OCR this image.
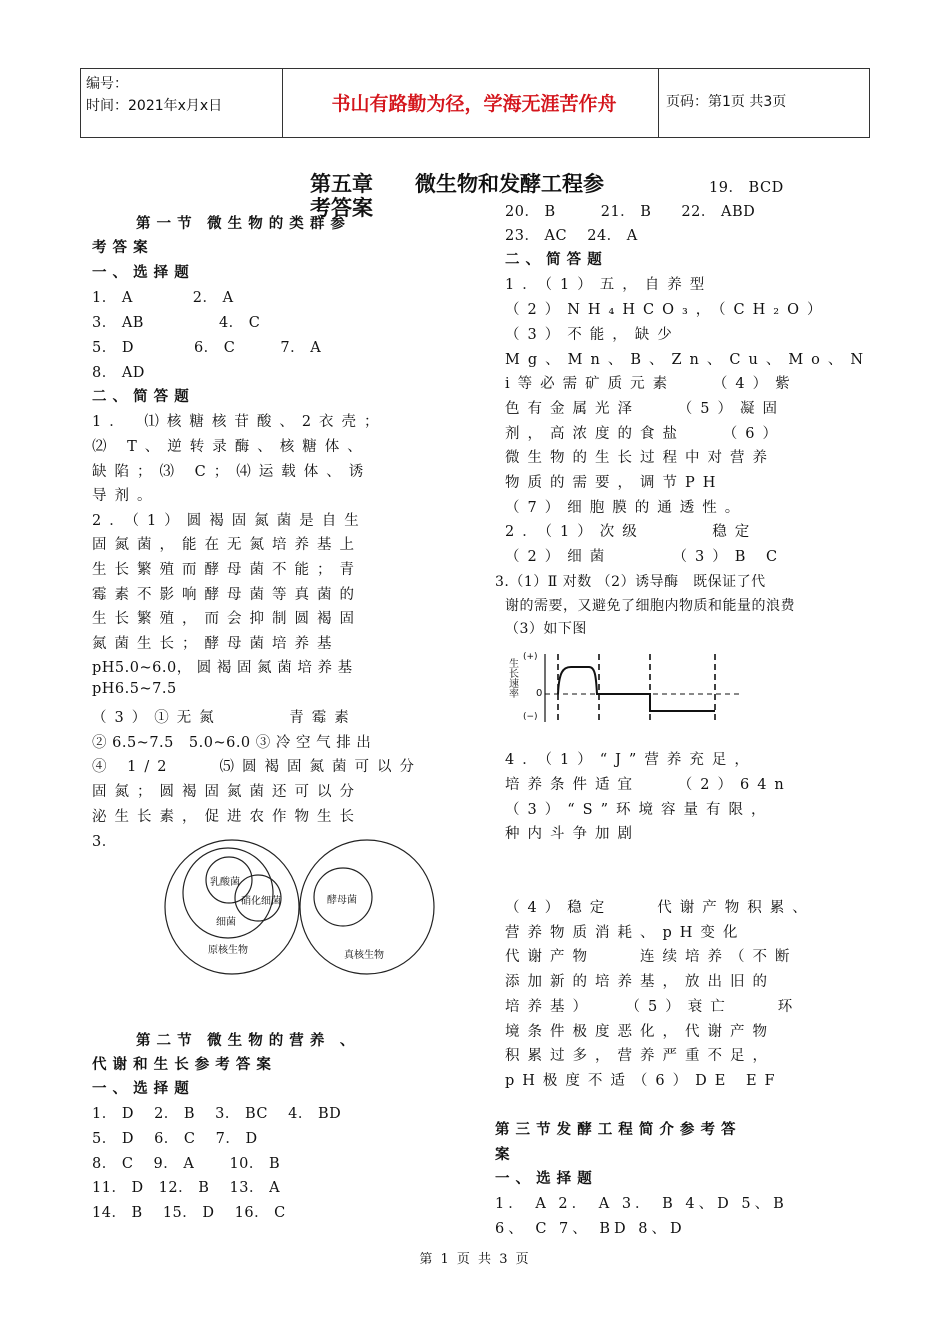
编号：
时间：2021年x月x日	书山有路勤为径，学海无涯苦作舟	页码：第1页 共3页
第五章　　微生物和发酵工程参
考答案
第 一 节　微 生 物 的 类 群 参
考 答 案
一 、 选 择 题
1． A　　　　2． A
3． AB　　　　　4． C
5． D　　　　6． C　　　7． A
8． AD
二 、 简 答 题
1． ⑴核糖核苷酸、2衣壳；
⑵ T、逆转录酶、核糖体、
缺陷；⑶ C；⑷运载体、诱
导剂。
2．（1）圆褐固氮菌是自生
固氮菌，能在无氮培养基上
生长繁殖而酵母菌不能；青
霉素不影响酵母菌等真菌的
生长繁殖，而会抑制圆褐固
氮菌生长；酵母菌培养基
pH5.0~6.0， 圆 褐 固 氮 菌 培 养 基
pH6.5~7.5
（3）①无氮　　　青霉素
② 6.5~7.5　5.0~6.0 ③ 冷 空 气 排 出
④ 1/2　　⑸圆褐固氮菌可以分
固氮；圆褐固氮菌还可以分
泌生长素，促进农作物生长
3．
乳酸菌
硝化细菌
细菌
原核生物
酵母菌
真核生物
第 二 节　微 生 物 的 营 养　、
代 谢 和 生 长 参 考 答 案
一 、 选 择 题
1． D　 2． B　 3． BC　 4． BD
5． D　 6． C　 7． D
8． C　 9． A　　 10． B
11． D　12． B　 13． A
14． B　 15． D　 16． C
19． BCD
20． B　　　21． B　　22． ABD
23． AC　 24． A
二 、 简 答 题
1．（1）五，自养型
（2）NH₄HCO₃，（CH₂O）
（3）不能，缺少
Mg、Mn、B、Zn、Cu、Mo、N
i等必需矿质元素　　（4）紫
色有金属光泽　　（5）凝固
剂，高浓度的食盐　　（6）
微生物的生长过程中对营养
物质的需要，调节PH
（7）细胞膜的通透性。
2．（1）次级　　　稳定
（2）细菌　　　（3）B C
3.（1）Ⅱ 对数 （2）诱导酶　既保证了代
谢的需要，又避免了细胞内物质和能量的浪费
（3）如下图
(+)
生长速率 0
(−)
4．（1）“J”营养充足，
培养条件适宜　　（2）64n
（3）“S”环境容量有限，
种内斗争加剧
（4）稳定　　代谢产物积累、
营养物质消耗、pH变化
代谢产物　　连续培养（不断
添加新的培养基，放出旧的
培养基）　　（5）衰亡　　环
境条件极度恶化，代谢产物
积累过多，营养严重不足，
pH极度不适（6）DE EF
第 三 节 发 酵 工 程 简 介 参 考 答
案
一 、 选 择 题
1． A 2． A 3． B 4、D 5、B
6、 C 7、 BD 8、D
第 1 页 共 3 页
